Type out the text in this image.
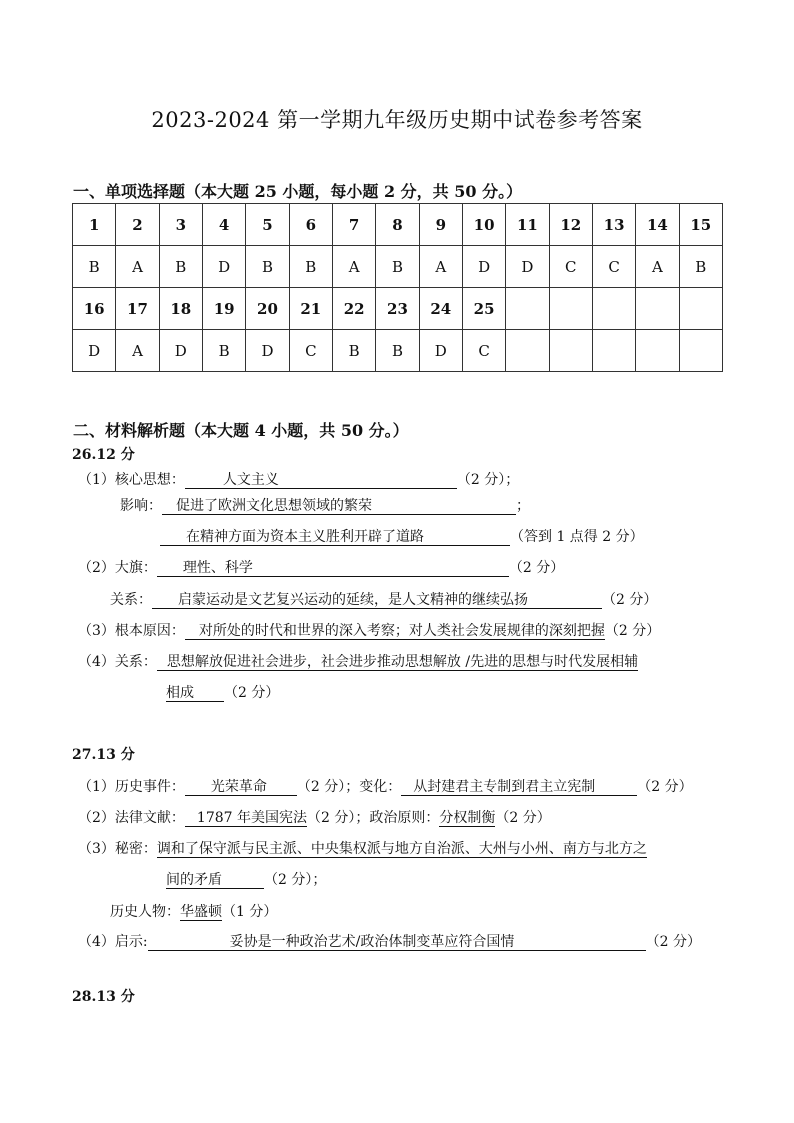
2023-2024 第一学期九年级历史期中试卷参考答案
一、单项选择题（本大题 25 小题，每小题 2 分，共 50 分。）
1	2	3	4	5	6	7	8	9	10	11	12	13	14	15
B	A	B	D	B	B	A	B	A	D	D	C	C	A	B
16	17	18	19	20	21	22	23	24	25					
D	A	D	B	D	C	B	B	D	C					
二、材料解析题（本大题 4 小题，共 50 分。）
26.12 分
（1）核心思想：	人文主义	（2 分）；
影响： 促进了欧洲文化思想领域的繁荣	；
在精神方面为资本主义胜利开辟了道路	（答到 1 点得 2 分）
（2）大旗： 理性、科学	（2 分）
关系： 启蒙运动是文艺复兴运动的延续，是人文精神的继续弘扬	（2 分）
（3）根本原因： 对所处的时代和世界的深入考察；对人类社会发展规律的深刻把握（2 分）
（4）关系： 思想解放促进社会进步，社会进步推动思想解放 /先进的思想与时代发展相辅
相成 （2 分）
27.13 分
（1）历史事件： 光荣革命 （2 分）；变化： 从封建君主专制到君主立宪制	（2 分）
（2）法律文献： 1787 年美国宪法（2 分）；政治原则：分权制衡（2 分）
（3）秘密：调和了保守派与民主派、中央集权派与地方自治派、大州与小州、南方与北方之
间的矛盾	（2 分）；
历史人物：华盛顿（1 分）
（4）启示:	妥协是一种政治艺术/政治体制变革应符合国情	（2 分）
28.13 分
